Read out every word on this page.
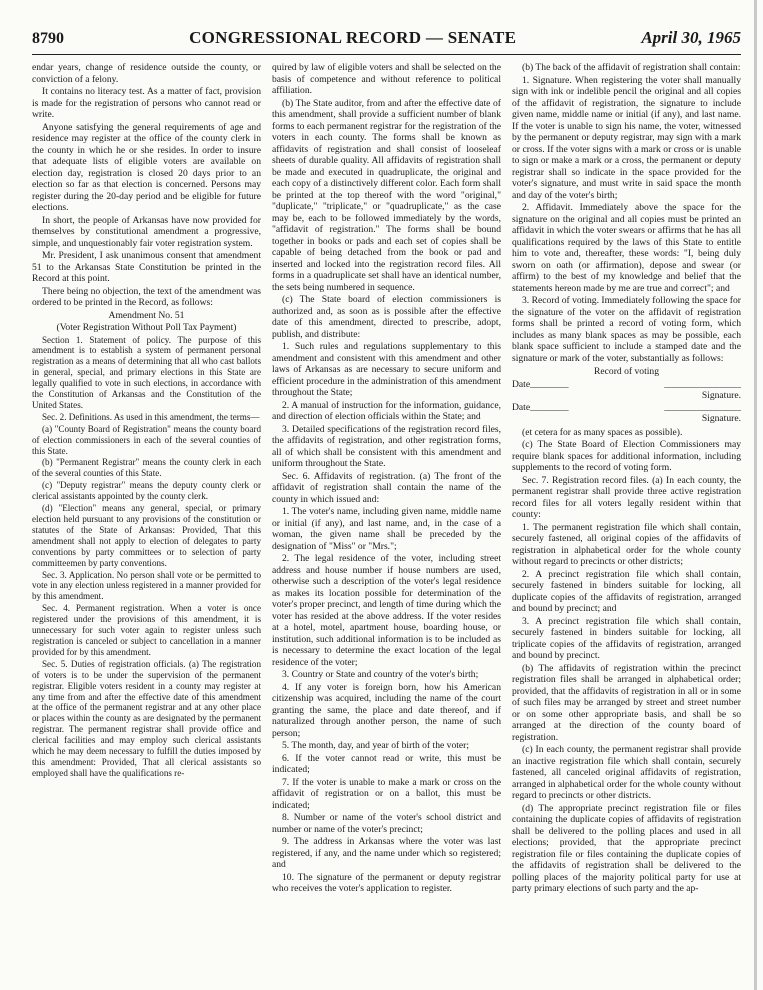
8790	CONGRESSIONAL RECORD — SENATE	April 30, 1965

endar years, change of residence outside the county, or conviction of a felony.

It contains no literacy test. As a matter of fact, provision is made for the registration of persons who cannot read or write.

Anyone satisfying the general requirements of age and residence may register at the office of the county clerk in the county in which he or she resides. In order to insure that adequate lists of eligible voters are available on election day, registration is closed 20 days prior to an election so far as that election is concerned. Persons may register during the 20-day period and be eligible for future elections.

In short, the people of Arkansas have now provided for themselves by constitutional amendment a progressive, simple, and unquestionably fair voter registration system.

Mr. President, I ask unanimous consent that amendment 51 to the Arkansas State Constitution be printed in the Record at this point.

There being no objection, the text of the amendment was ordered to be printed in the Record, as follows:

Amendment No. 51

(Voter Registration Without Poll Tax Payment)

Section 1. Statement of policy. The purpose of this amendment is to establish a system of permanent personal registration as a means of determining that all who cast ballots in general, special, and primary elections in this State are legally qualified to vote in such elections, in accordance with the Constitution of Arkansas and the Constitution of the United States.

Sec. 2. Definitions. As used in this amendment, the terms—

(a) "County Board of Registration" means the county board of election commissioners in each of the several counties of this State.

(b) "Permanent Registrar" means the county clerk in each of the several counties of this State.

(c) "Deputy registrar" means the deputy county clerk or clerical assistants appointed by the county clerk.

(d) "Election" means any general, special, or primary election held pursuant to any provisions of the constitution or statutes of the State of Arkansas: Provided, That this amendment shall not apply to election of delegates to party conventions by party committees or to selection of party committeemen by party conventions.

Sec. 3. Application. No person shall vote or be permitted to vote in any election unless registered in a manner provided for by this amendment.

Sec. 4. Permanent registration. When a voter is once registered under the provisions of this amendment, it is unnecessary for such voter again to register unless such registration is canceled or subject to cancellation in a manner provided for by this amendment.

Sec. 5. Duties of registration officials. (a) The registration of voters is to be under the supervision of the permanent registrar. Eligible voters resident in a county may register at any time from and after the effective date of this amendment at the office of the permanent registrar and at any other place or places within the county as are designated by the permanent registrar. The permanent registrar shall provide office and clerical facilities and may employ such clerical assistants which he may deem necessary to fulfill the duties imposed by this amendment: Provided, That all clerical assistants so employed shall have the qualifications re-

quired by law of eligible voters and shall be selected on the basis of competence and without reference to political affiliation.

(b) The State auditor, from and after the effective date of this amendment, shall provide a sufficient number of blank forms to each permanent registrar for the registration of the voters in each county. The forms shall be known as affidavits of registration and shall consist of looseleaf sheets of durable quality. All affidavits of registration shall be made and executed in quadruplicate, the original and each copy of a distinctively different color. Each form shall be printed at the top thereof with the word "original," "duplicate," "triplicate," or "quadruplicate," as the case may be, each to be followed immediately by the words, "affidavit of registration." The forms shall be bound together in books or pads and each set of copies shall be capable of being detached from the book or pad and inserted and locked into the registration record files. All forms in a quadruplicate set shall have an identical number, the sets being numbered in sequence.

(c) The State board of election commissioners is authorized and, as soon as is possible after the effective date of this amendment, directed to prescribe, adopt, publish, and distribute:

1. Such rules and regulations supplementary to this amendment and consistent with this amendment and other laws of Arkansas as are necessary to secure uniform and efficient procedure in the administration of this amendment throughout the State;

2. A manual of instruction for the information, guidance, and direction of election officials within the State; and

3. Detailed specifications of the registration record files, the affidavits of registration, and other registration forms, all of which shall be consistent with this amendment and uniform throughout the State.

Sec. 6. Affidavits of registration. (a) The front of the affidavit of registration shall contain the name of the county in which issued and:

1. The voter's name, including given name, middle name or initial (if any), and last name, and, in the case of a woman, the given name shall be preceded by the designation of "Miss" or "Mrs.";

2. The legal residence of the voter, including street address and house number if house numbers are used, otherwise such a description of the voter's legal residence as makes its location possible for determination of the voter's proper precinct, and length of time during which the voter has resided at the above address. If the voter resides at a hotel, motel, apartment house, boarding house, or institution, such additional information is to be included as is necessary to determine the exact location of the legal residence of the voter;

3. Country or State and country of the voter's birth;

4. If any voter is foreign born, how his American citizenship was acquired, including the name of the court granting the same, the place and date thereof, and if naturalized through another person, the name of such person;

5. The month, day, and year of birth of the voter;

6. If the voter cannot read or write, this must be indicated;

7. If the voter is unable to make a mark or cross on the affidavit of registration or on a ballot, this must be indicated;

8. Number or name of the voter's school district and number or name of the voter's precinct;

9. The address in Arkansas where the voter was last registered, if any, and the name under which so registered; and

10. The signature of the permanent or deputy registrar who receives the voter's application to register.

(b) The back of the affidavit of registration shall contain:

1. Signature. When registering the voter shall manually sign with ink or indelible pencil the original and all copies of the affidavit of registration, the signature to include given name, middle name or initial (if any), and last name. If the voter is unable to sign his name, the voter, witnessed by the permanent or deputy registrar, may sign with a mark or cross. If the voter signs with a mark or cross or is unable to sign or make a mark or a cross, the permanent or deputy registrar shall so indicate in the space provided for the voter's signature, and must write in said space the month and day of the voter's birth;

2. Affidavit. Immediately above the space for the signature on the original and all copies must be printed an affidavit in which the voter swears or affirms that he has all qualifications required by the laws of this State to entitle him to vote and, thereafter, these words: "I, being duly sworn on oath (or affirmation), depose and swear (or affirm) to the best of my knowledge and belief that the statements hereon made by me are true and correct"; and

3. Record of voting. Immediately following the space for the signature of the voter on the affidavit of registration forms shall be printed a record of voting form, which includes as many blank spaces as may be possible, each blank space sufficient to include a stamped date and the signature or mark of the voter, substantially as follows:

Record of voting

Date________	________________
Signature.
Date________	________________
Signature.

(et cetera for as many spaces as possible).

(c) The State Board of Election Commissioners may require blank spaces for additional information, including supplements to the record of voting form.

Sec. 7. Registration record files. (a) In each county, the permanent registrar shall provide three active registration record files for all voters legally resident within that county:

1. The permanent registration file which shall contain, securely fastened, all original copies of the affidavits of registration in alphabetical order for the whole county without regard to precincts or other districts;

2. A precinct registration file which shall contain, securely fastened in binders suitable for locking, all duplicate copies of the affidavits of registration, arranged and bound by precinct; and

3. A precinct registration file which shall contain, securely fastened in binders suitable for locking, all triplicate copies of the affidavits of registration, arranged and bound by precinct.

(b) The affidavits of registration within the precinct registration files shall be arranged in alphabetical order; provided, that the affidavits of registration in all or in some of such files may be arranged by street and street number or on some other appropriate basis, and shall be so arranged at the direction of the county board of registration.

(c) In each county, the permanent registrar shall provide an inactive registration file which shall contain, securely fastened, all canceled original affidavits of registration, arranged in alphabetical order for the whole county without regard to precincts or other districts.

(d) The appropriate precinct registration file or files containing the duplicate copies of affidavits of registration shall be delivered to the polling places and used in all elections; provided, that the appropriate precinct registration file or files containing the duplicate copies of the affidavits of registration shall be delivered to the polling places of the majority political party for use at party primary elections of such party and the ap-
